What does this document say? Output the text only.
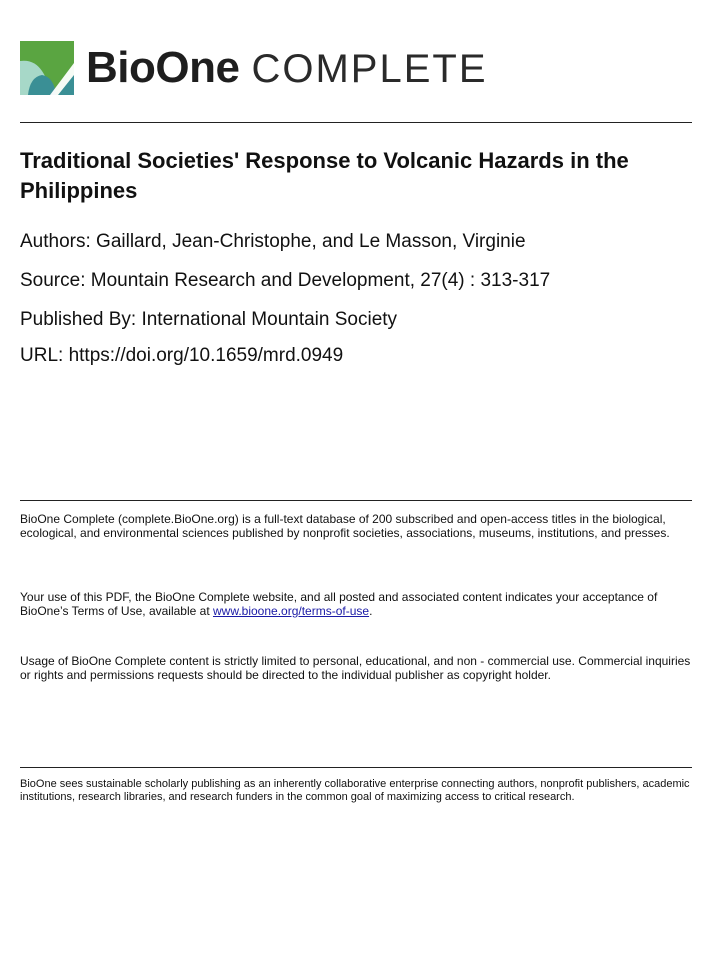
BioOne COMPLETE
Traditional Societies' Response to Volcanic Hazards in the Philippines
Authors: Gaillard, Jean-Christophe, and Le Masson, Virginie
Source: Mountain Research and Development, 27(4) : 313-317
Published By: International Mountain Society
URL: https://doi.org/10.1659/mrd.0949

BioOne Complete (complete.BioOne.org) is a full-text database of 200 subscribed and open-access titles in the biological, ecological, and environmental sciences published by nonprofit societies, associations, museums, institutions, and presses.

Your use of this PDF, the BioOne Complete website, and all posted and associated content indicates your acceptance of BioOne’s Terms of Use, available at www.bioone.org/terms-of-use.

Usage of BioOne Complete content is strictly limited to personal, educational, and non - commercial use. Commercial inquiries or rights and permissions requests should be directed to the individual publisher as copyright holder.

BioOne sees sustainable scholarly publishing as an inherently collaborative enterprise connecting authors, nonprofit publishers, academic institutions, research libraries, and research funders in the common goal of maximizing access to critical research.
